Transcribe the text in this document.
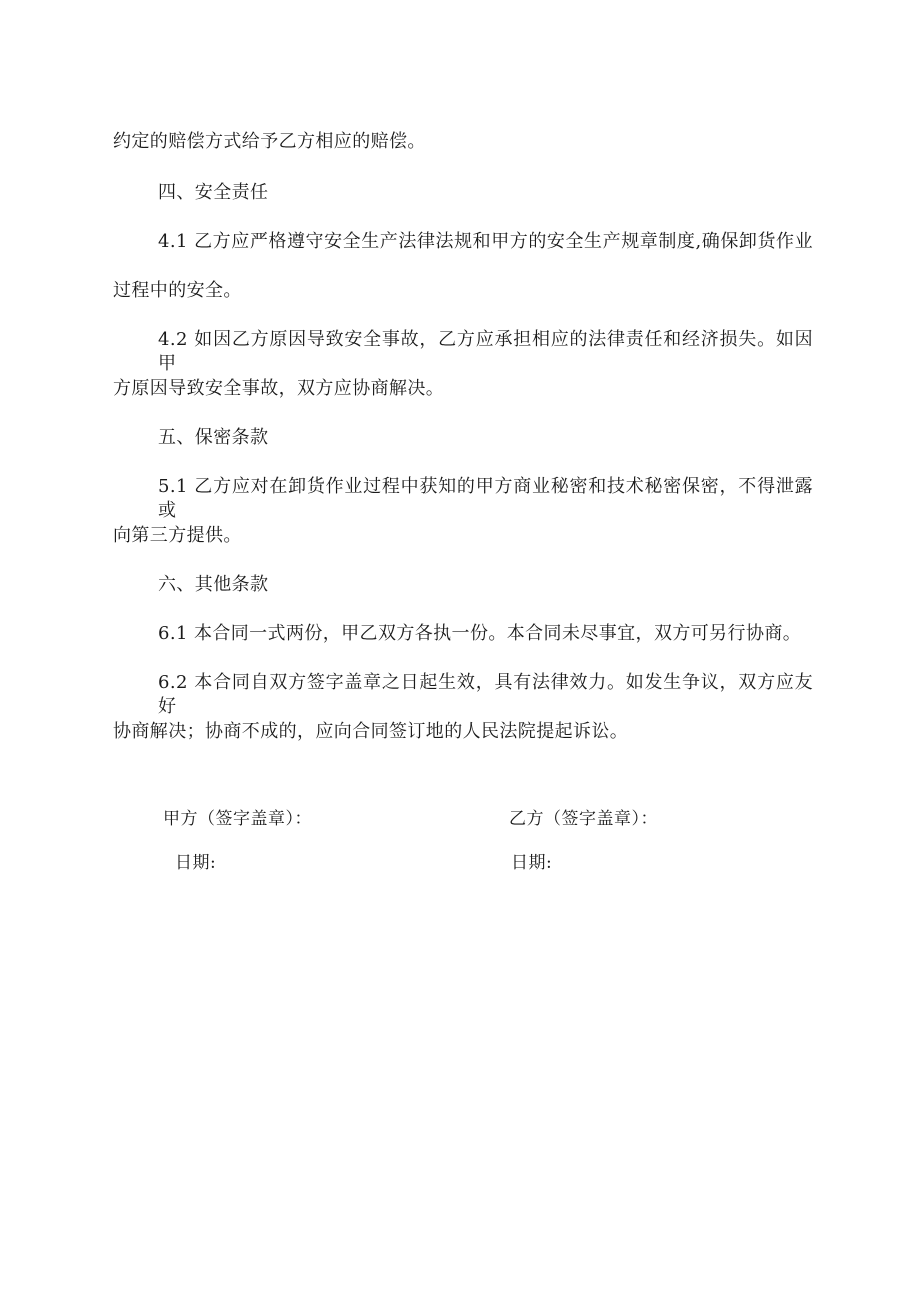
约定的赔偿方式给予乙方相应的赔偿。
四、安全责任
4.1 乙方应严格遵守安全生产法律法规和甲方的安全生产规章制度,确保卸货作业
过程中的安全。
4.2 如因乙方原因导致安全事故，乙方应承担相应的法律责任和经济损失。如因甲
方原因导致安全事故，双方应协商解决。
五、保密条款
5.1 乙方应对在卸货作业过程中获知的甲方商业秘密和技术秘密保密，不得泄露或
向第三方提供。
六、其他条款
6.1 本合同一式两份，甲乙双方各执一份。本合同未尽事宜，双方可另行协商。
6.2 本合同自双方签字盖章之日起生效，具有法律效力。如发生争议，双方应友好
协商解决；协商不成的，应向合同签订地的人民法院提起诉讼。
甲方（签字盖章）：	乙方（签字盖章）：
日期:	日期:
